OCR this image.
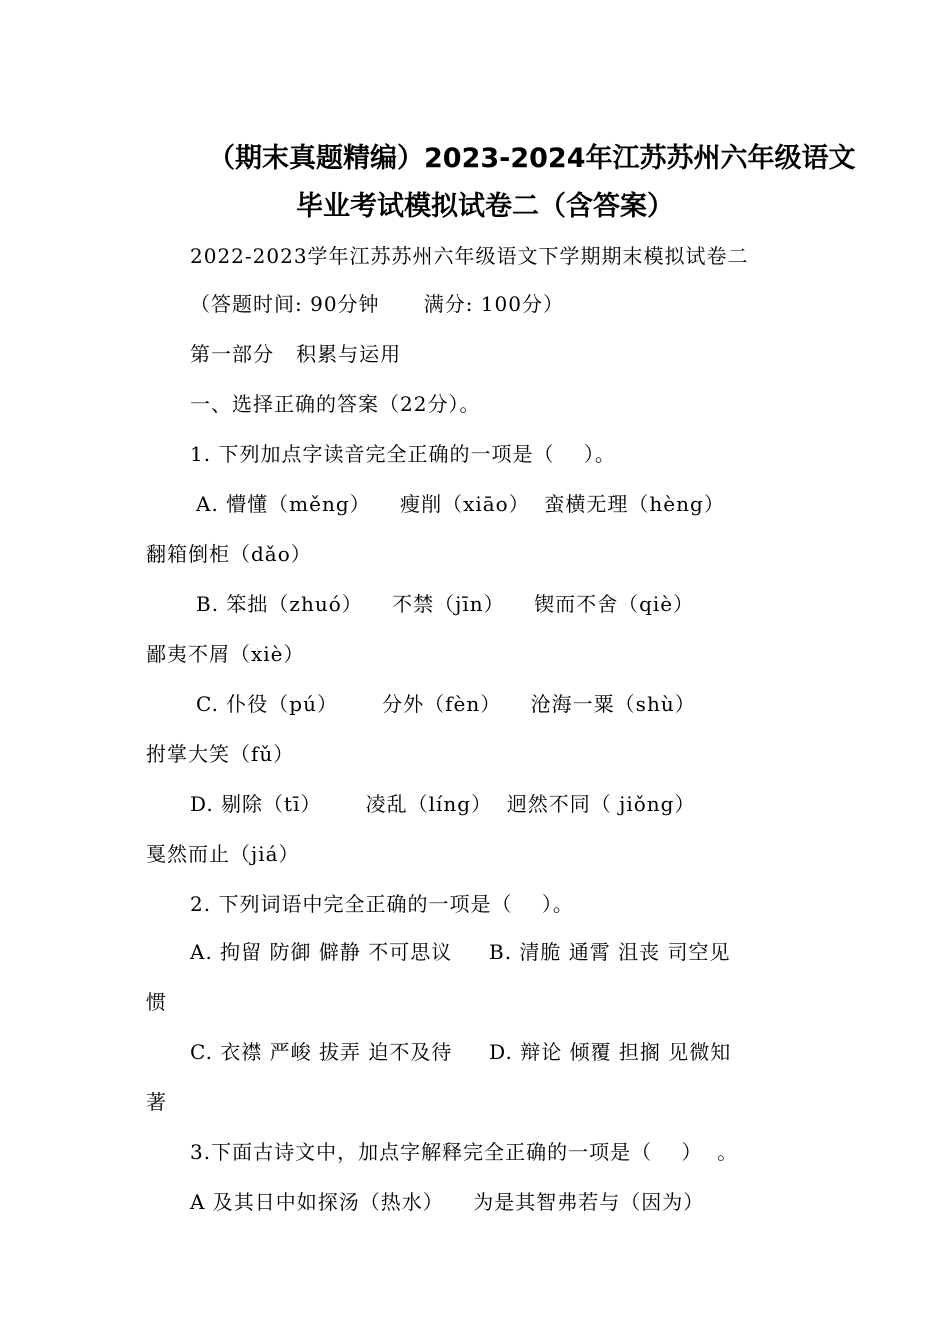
（期末真题精编）2023-2024年江苏苏州六年级语文
毕业考试模拟试卷二（含答案）
2022-2023学年江苏苏州六年级语文下学期期末模拟试卷二
（答题时间: 90分钟      满分: 100分）
第一部分   积累与运用
一、选择正确的答案（22分）。
1. 下列加点字读音完全正确的一项是（    ）。
A. 懵懂（měng）    瘦削（xiāo）  蛮横无理（hèng）
翻箱倒柜（dǎo）
B. 笨拙（zhuó）    不禁（jīn）    锲而不舍（qiè）
鄙夷不屑（xiè）
C. 仆役（pú）      分外（fèn）    沧海一粟（shù）
拊掌大笑（fǔ）
D. 剔除（tī）      凌乱（líng）  迥然不同（ jiǒng）
戛然而止（jiá）
2. 下列词语中完全正确的一项是（    ）。
A. 拘留 防御 僻静 不可思议     B. 清脆 通霄 沮丧 司空见
惯
C. 衣襟 严峻 拔弄 迫不及待     D. 辩论 倾覆 担搁 见微知
著
3.下面古诗文中，加点字解释完全正确的一项是（    ）  。
A 及其日中如探汤（热水）    为是其智弗若与（因为）
